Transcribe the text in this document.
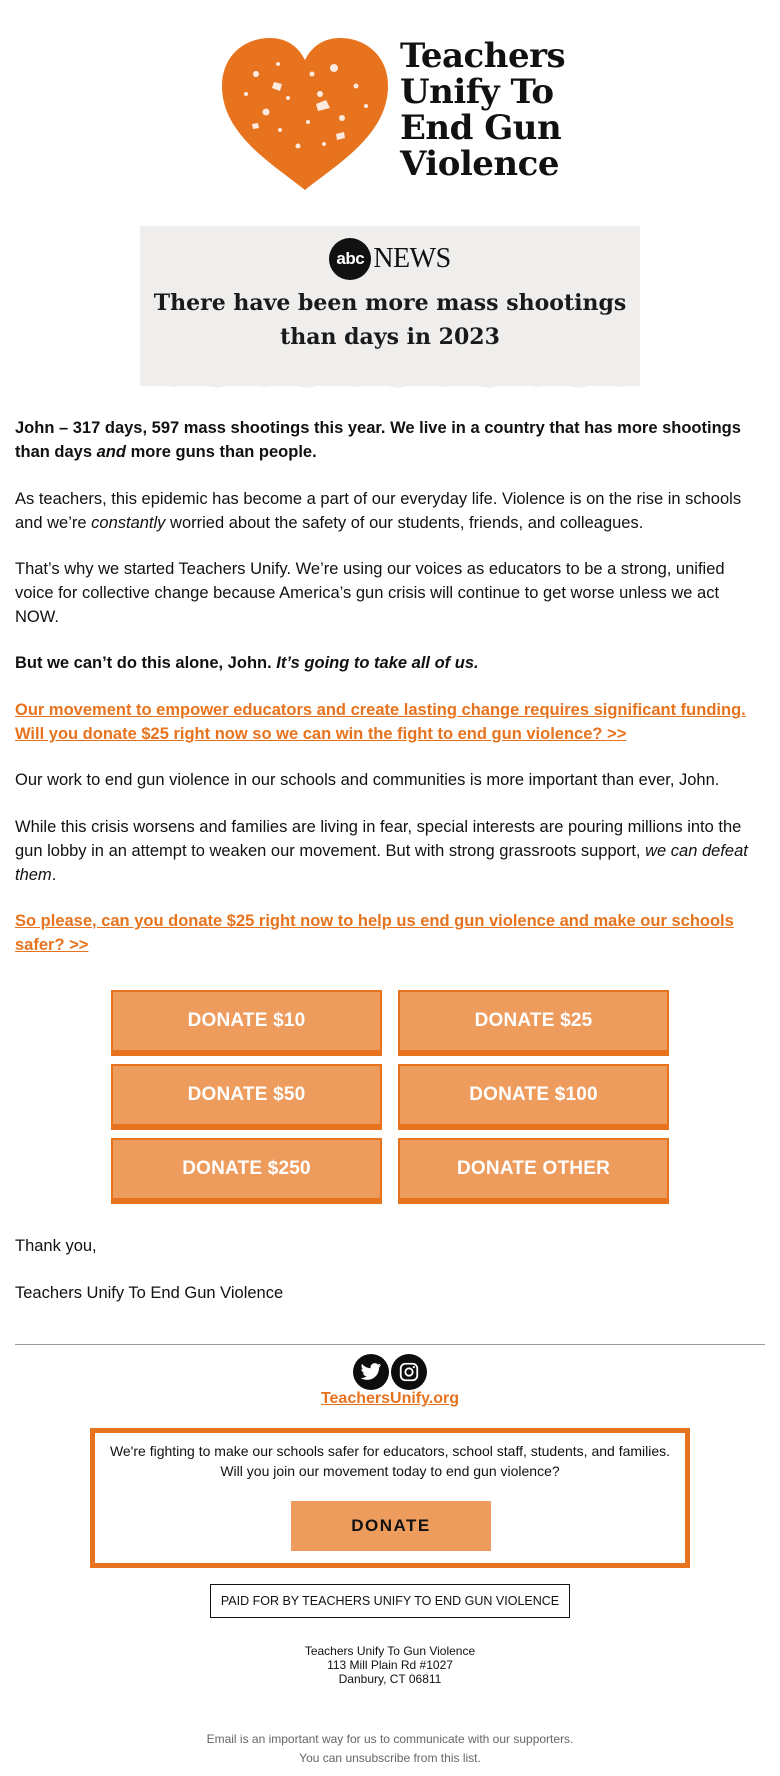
Teachers
Unify To
End Gun
Violence
abc NEWS
There have been more mass shootings
than days in 2023

John – 317 days, 597 mass shootings this year. We live in a country that has more shootings than days and more guns than people.

As teachers, this epidemic has become a part of our everyday life. Violence is on the rise in schools and we’re constantly worried about the safety of our students, friends, and colleagues.

That’s why we started Teachers Unify. We’re using our voices as educators to be a strong, unified voice for collective change because America’s gun crisis will continue to get worse unless we act NOW.

But we can’t do this alone, John. It’s going to take all of us.

Our movement to empower educators and create lasting change requires significant funding. Will you donate $25 right now so we can win the fight to end gun violence? >>

Our work to end gun violence in our schools and communities is more important than ever, John.

While this crisis worsens and families are living in fear, special interests are pouring millions into the gun lobby in an attempt to weaken our movement. But with strong grassroots support, we can defeat them.

So please, can you donate $25 right now to help us end gun violence and make our schools safer? >>

DONATE $10	DONATE $25
DONATE $50	DONATE $100
DONATE $250	DONATE OTHER

Thank you,

Teachers Unify To End Gun Violence

TeachersUnify.org
We're fighting to make our schools safer for educators, school staff, students, and families.
Will you join our movement today to end gun violence?
DONATE
PAID FOR BY TEACHERS UNIFY TO END GUN VIOLENCE
Teachers Unify To Gun Violence
113 Mill Plain Rd #1027
Danbury, CT 06811
Email is an important way for us to communicate with our supporters.
You can unsubscribe from this list.
